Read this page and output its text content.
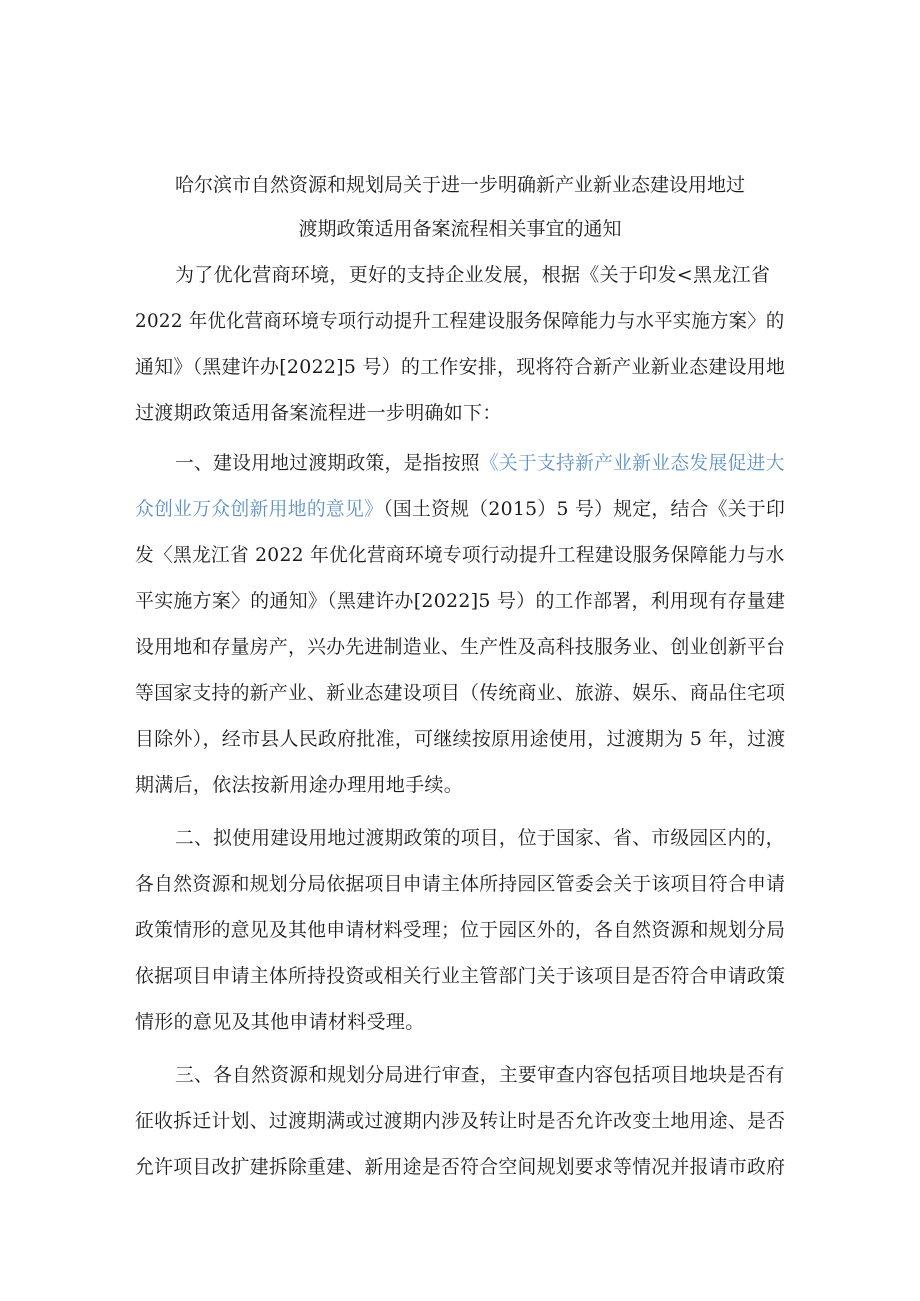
哈尔滨市自然资源和规划局关于进一步明确新产业新业态建设用地过
渡期政策适用备案流程相关事宜的通知
为了优化营商环境，更好的支持企业发展，根据《关于印发<黑龙江省
2022 年优化营商环境专项行动提升工程建设服务保障能力与水平实施方案〉的
通知》（黑建许办[2022]5 号）的工作安排，现将符合新产业新业态建设用地
过渡期政策适用备案流程进一步明确如下：
一、建设用地过渡期政策，是指按照《关于支持新产业新业态发展促进大
众创业万众创新用地的意见》（国土资规（2015）5 号）规定，结合《关于印
发〈黑龙江省 2022 年优化营商环境专项行动提升工程建设服务保障能力与水
平实施方案〉的通知》（黑建许办[2022]5 号）的工作部署，利用现有存量建
设用地和存量房产，兴办先进制造业、生产性及高科技服务业、创业创新平台
等国家支持的新产业、新业态建设项目（传统商业、旅游、娱乐、商品住宅项
目除外），经市县人民政府批准，可继续按原用途使用，过渡期为 5 年，过渡
期满后，依法按新用途办理用地手续。
二、拟使用建设用地过渡期政策的项目，位于国家、省、市级园区内的，
各自然资源和规划分局依据项目申请主体所持园区管委会关于该项目符合申请
政策情形的意见及其他申请材料受理；位于园区外的，各自然资源和规划分局
依据项目申请主体所持投资或相关行业主管部门关于该项目是否符合申请政策
情形的意见及其他申请材料受理。
三、各自然资源和规划分局进行审查，主要审查内容包括项目地块是否有
征收拆迁计划、过渡期满或过渡期内涉及转让时是否允许改变土地用途、是否
允许项目改扩建拆除重建、新用途是否符合空间规划要求等情况并报请市政府
